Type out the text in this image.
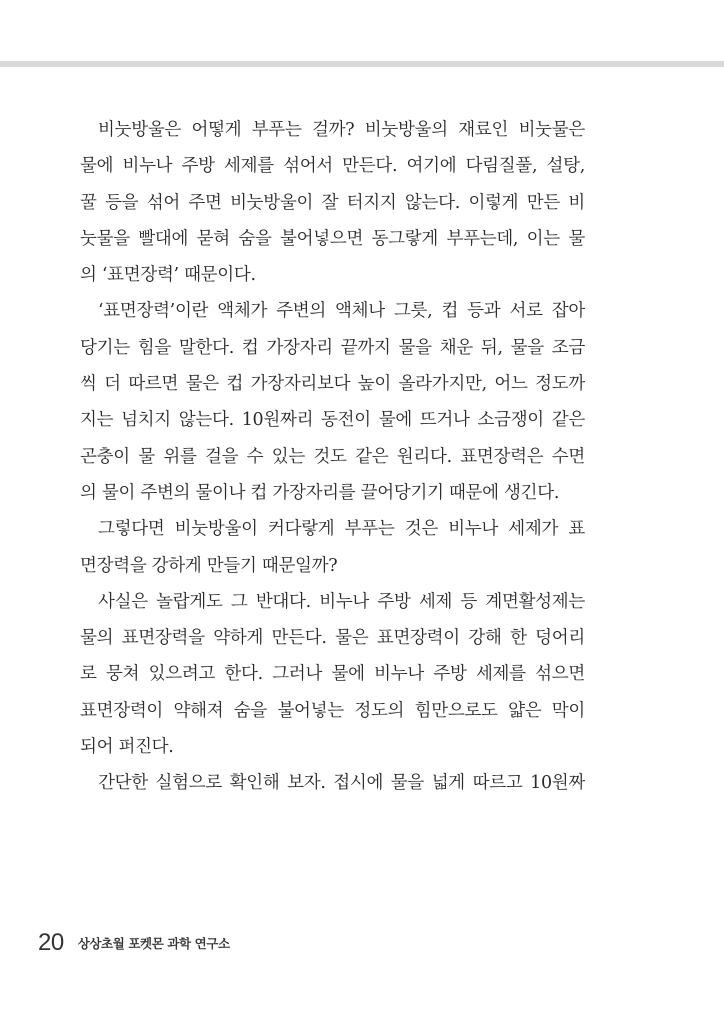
비눗방울은 어떻게 부푸는 걸까? 비눗방울의 재료인 비눗물은
물에 비누나 주방 세제를 섞어서 만든다. 여기에 다림질풀, 설탕,
꿀 등을 섞어 주면 비눗방울이 잘 터지지 않는다. 이렇게 만든 비
눗물을 빨대에 묻혀 숨을 불어넣으면 동그랗게 부푸는데, 이는 물
의 ‘표면장력’ 때문이다.
‘표면장력’이란 액체가 주변의 액체나 그릇, 컵 등과 서로 잡아
당기는 힘을 말한다. 컵 가장자리 끝까지 물을 채운 뒤, 물을 조금
씩 더 따르면 물은 컵 가장자리보다 높이 올라가지만, 어느 정도까
지는 넘치지 않는다. 10원짜리 동전이 물에 뜨거나 소금쟁이 같은
곤충이 물 위를 걸을 수 있는 것도 같은 원리다. 표면장력은 수면
의 물이 주변의 물이나 컵 가장자리를 끌어당기기 때문에 생긴다.
그렇다면 비눗방울이 커다랗게 부푸는 것은 비누나 세제가 표
면장력을 강하게 만들기 때문일까?
사실은 놀랍게도 그 반대다. 비누나 주방 세제 등 계면활성제는
물의 표면장력을 약하게 만든다. 물은 표면장력이 강해 한 덩어리
로 뭉쳐 있으려고 한다. 그러나 물에 비누나 주방 세제를 섞으면
표면장력이 약해져 숨을 불어넣는 정도의 힘만으로도 얇은 막이
되어 퍼진다.
간단한 실험으로 확인해 보자. 접시에 물을 넓게 따르고 10원짜
20 상상초월 포켓몬 과학 연구소
